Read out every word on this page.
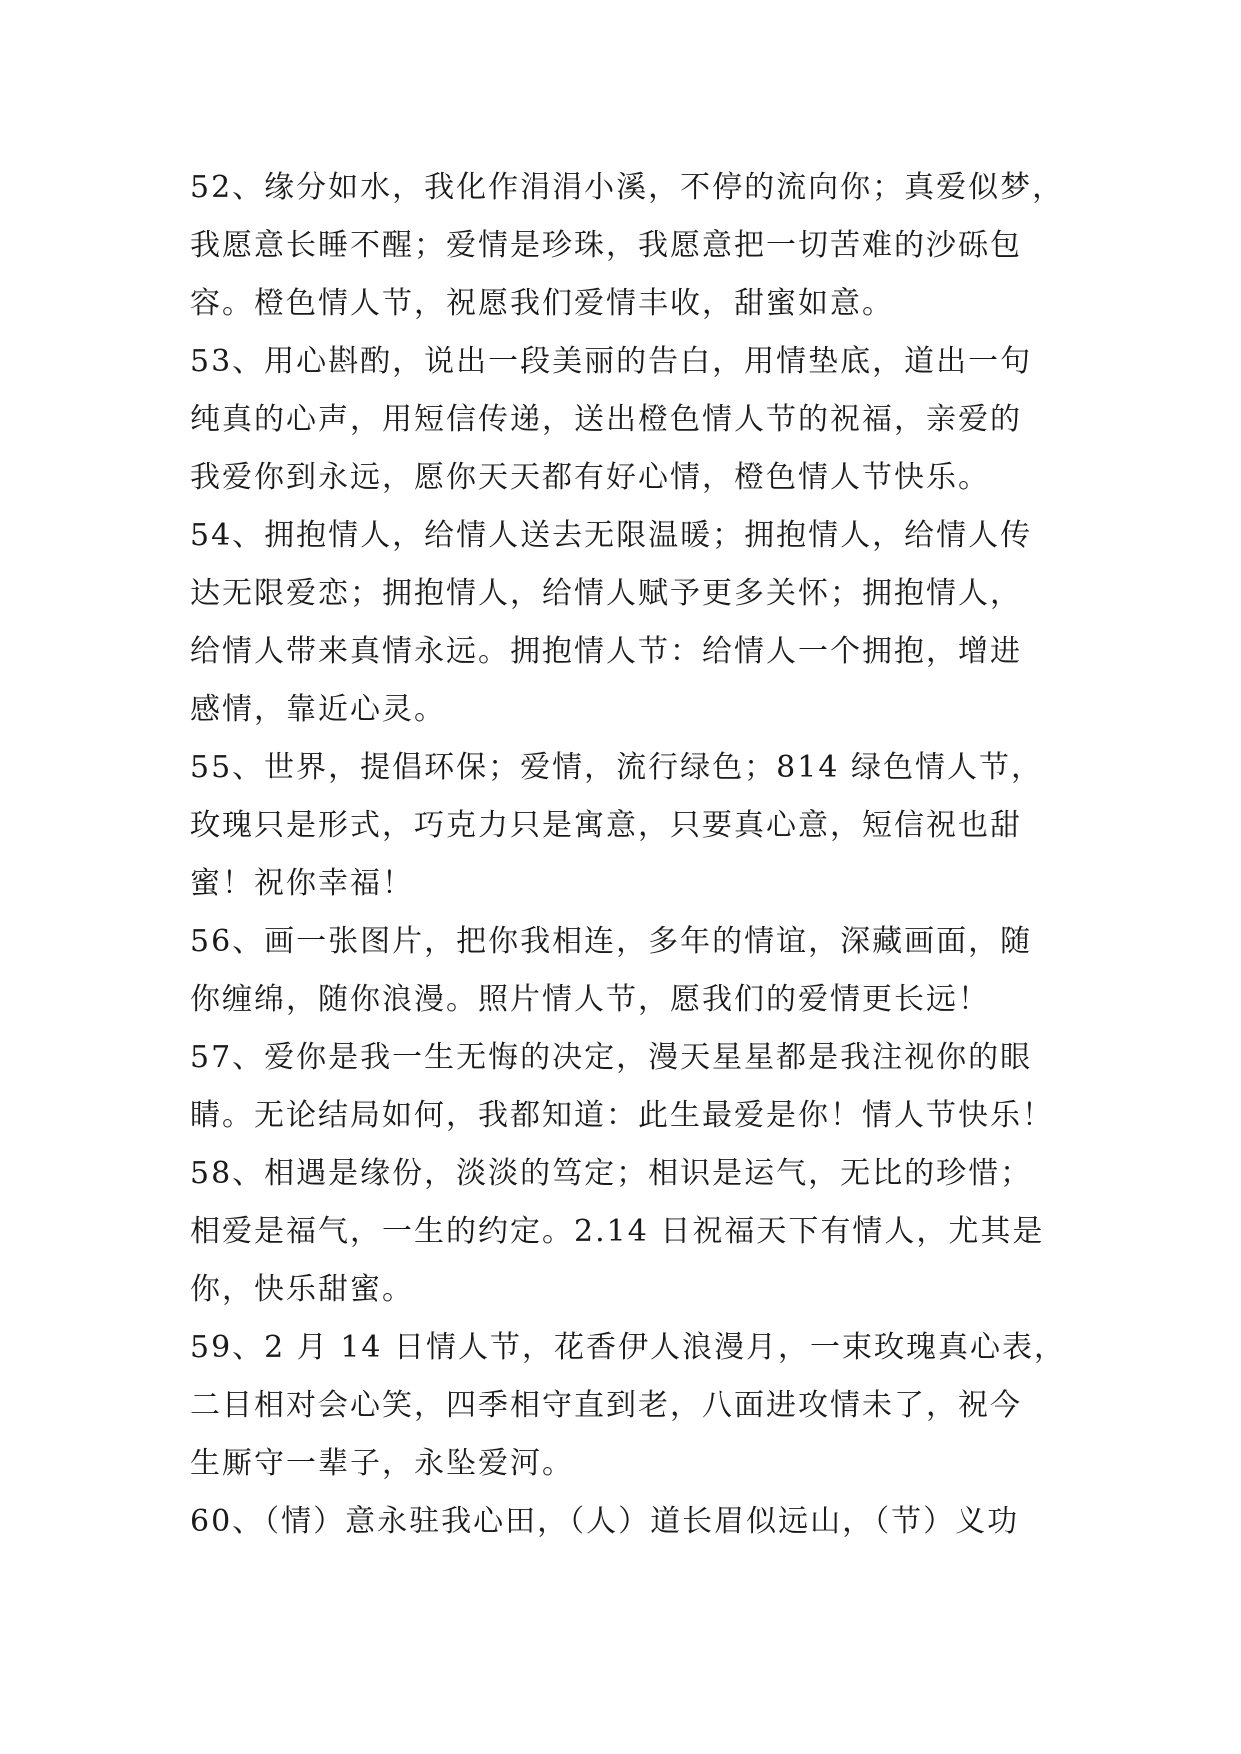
52、缘分如水，我化作涓涓小溪，不停的流向你；真爱似梦，
我愿意长睡不醒；爱情是珍珠，我愿意把一切苦难的沙砾包
容。橙色情人节，祝愿我们爱情丰收，甜蜜如意。
53、用心斟酌，说出一段美丽的告白，用情垫底，道出一句
纯真的心声，用短信传递，送出橙色情人节的祝福，亲爱的
我爱你到永远，愿你天天都有好心情，橙色情人节快乐。
54、拥抱情人，给情人送去无限温暖；拥抱情人，给情人传
达无限爱恋；拥抱情人，给情人赋予更多关怀；拥抱情人，
给情人带来真情永远。拥抱情人节：给情人一个拥抱，增进
感情，靠近心灵。
55、世界，提倡环保；爱情，流行绿色；814 绿色情人节，
玫瑰只是形式，巧克力只是寓意，只要真心意，短信祝也甜
蜜！祝你幸福！
56、画一张图片，把你我相连，多年的情谊，深藏画面，随
你缠绵，随你浪漫。照片情人节，愿我们的爱情更长远！
57、爱你是我一生无悔的决定，漫天星星都是我注视你的眼
睛。无论结局如何，我都知道：此生最爱是你！情人节快乐！
58、相遇是缘份，淡淡的笃定；相识是运气，无比的珍惜；
相爱是福气，一生的约定。2.14 日祝福天下有情人，尤其是
你，快乐甜蜜。
59、2 月 14 日情人节，花香伊人浪漫月，一束玫瑰真心表，
二目相对会心笑，四季相守直到老，八面进攻情未了，祝今
生厮守一辈子，永坠爱河。
60、（情）意永驻我心田，（人）道长眉似远山，（节）义功
